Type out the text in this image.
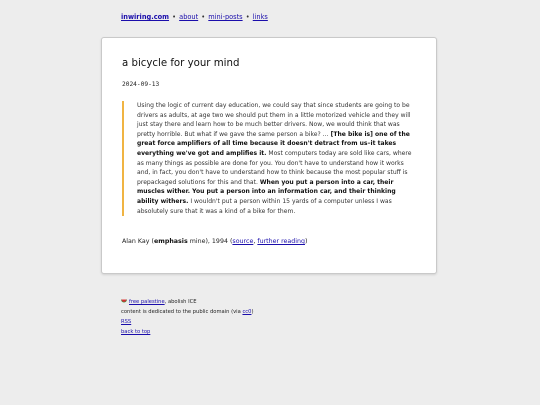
inwiring.com • about • mini-posts • links
a bicycle for your mind
2024-09-13
Using the logic of current day education, we could say that since students are going to be drivers as adults, at age two we should put them in a little motorized vehicle and they will just stay there and learn how to be much better drivers. Now, we would think that was pretty horrible. But what if we gave the same person a bike? … [The bike is] one of the great force amplifiers of all time because it doesn't detract from us–it takes everything we've got and amplifies it. Most computers today are sold like cars, where as many things as possible are done for you. You don't have to understand how it works and, in fact, you don't have to understand how to think because the most popular stuff is prepackaged solutions for this and that. When you put a person into a car, their muscles wither. You put a person into an information car, and their thinking ability withers. I wouldn't put a person within 15 yards of a computer unless I was absolutely sure that it was a kind of a bike for them.
Alan Kay (emphasis mine), 1994 (source, further reading)
free palestine, abolish ICE
content is dedicated to the public domain (via cc0)
RSS
back to top
